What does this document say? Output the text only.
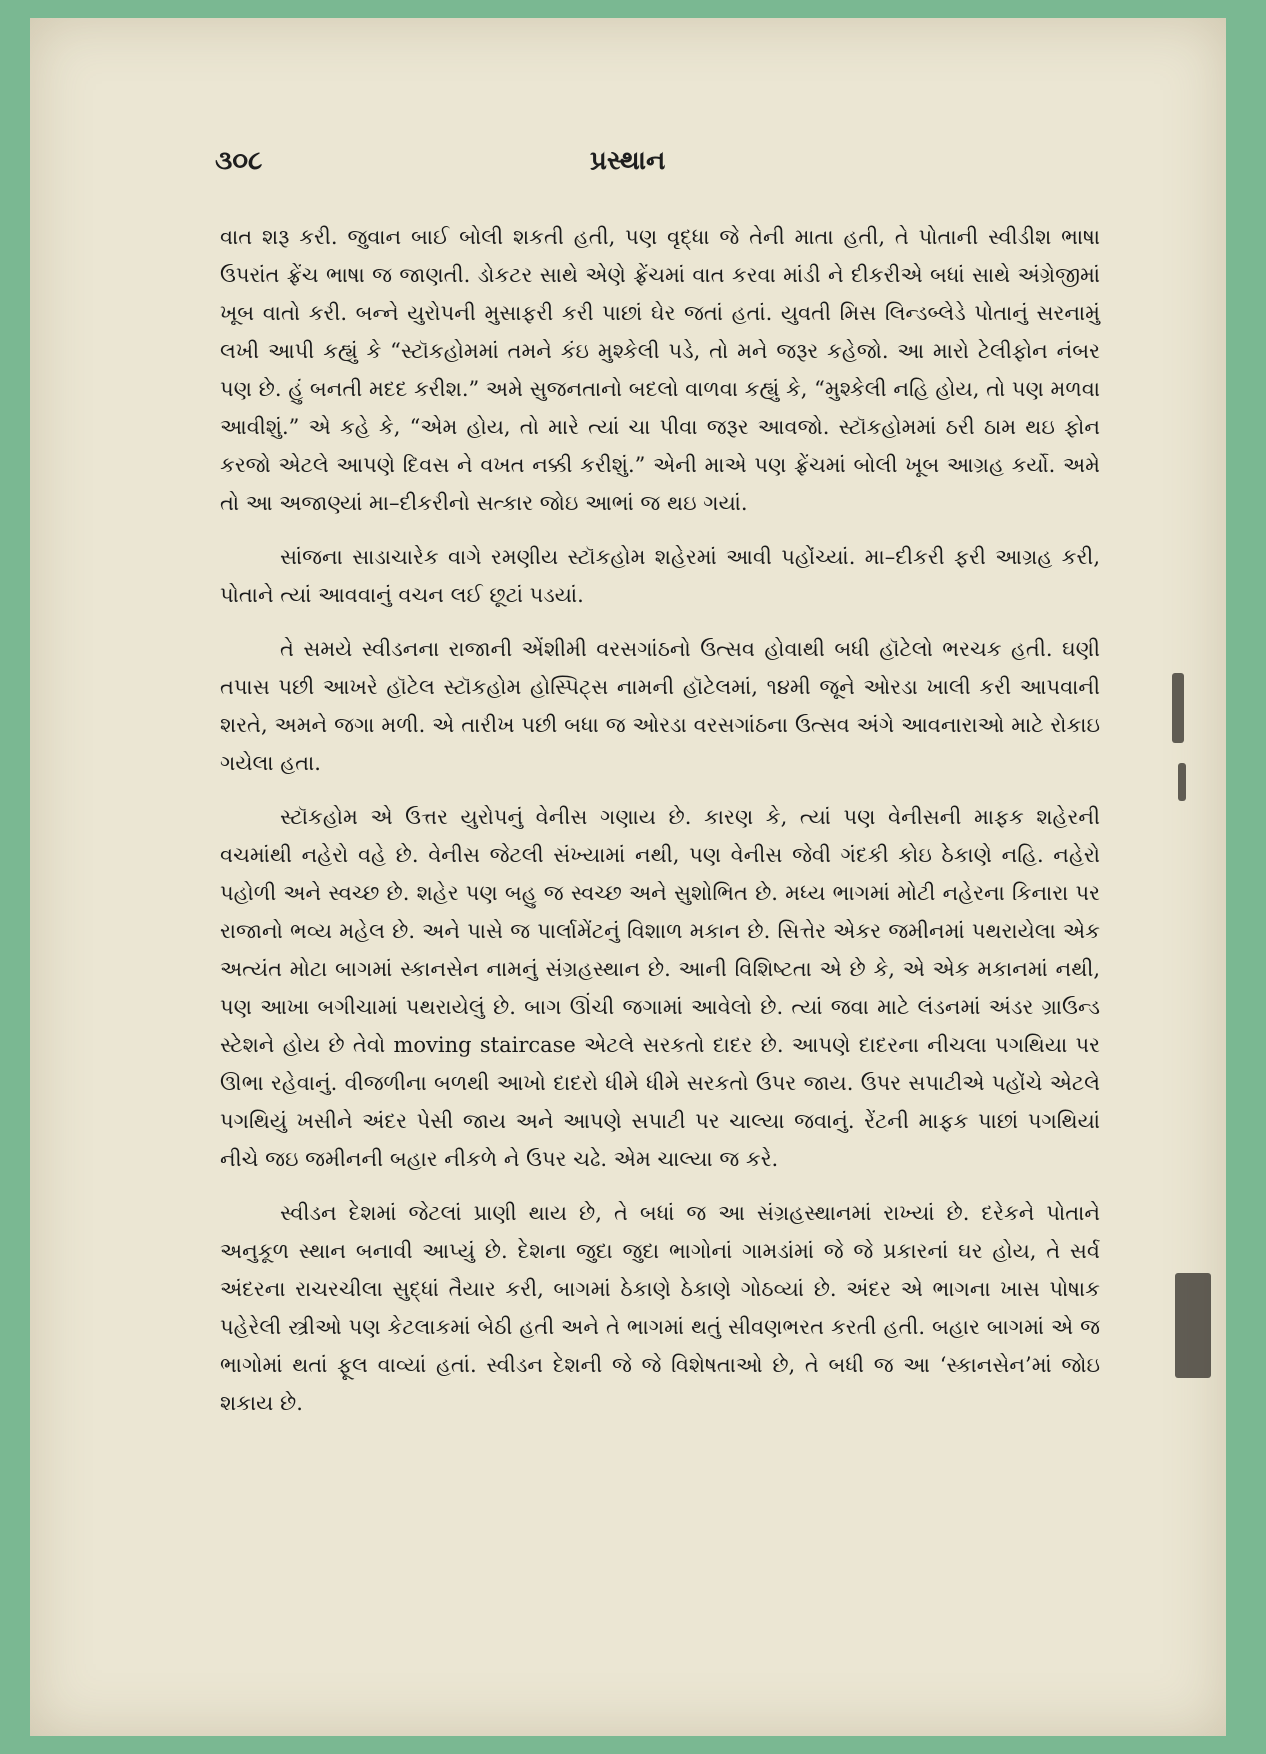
૩૦૮	પ્રસ્થાન

વાત શરૂ કરી. જુવાન બાઈ બોલી શકતી હતી, પણ વૃદ્ધા જે તેની માતા હતી, તે પોતાની સ્વીડીશ ભાષા ઉપરાંત ફ્રેંચ ભાષા જ જાણતી. ડોકટર સાથે એણે ફ્રેંચમાં વાત કરવા માંડી ને દીકરીએ બધાં સાથે અંગ્રેજીમાં ખૂબ વાતો કરી. બન્ને યુરોપની મુસાફરી કરી પાછાં ઘેર જતાં હતાં. યુવતી મિસ લિન્ડબ્લેડે પોતાનું સરનામું લખી આપી કહ્યું કે “સ્ટૉકહોમમાં તમને કંઇ મુશ્કેલી પડે, તો મને જરૂર કહેજો. આ મારો ટેલીફોન નંબર પણ છે. હું બનતી મદદ કરીશ.” અમે સુજનતાનો બદલો વાળવા કહ્યું કે, “મુશ્કેલી નહિ હોય, તો પણ મળવા આવીશું.” એ કહે કે, “એમ હોય, તો મારે ત્યાં ચા પીવા જરૂર આવજો. સ્ટૉકહોમમાં ઠરી ઠામ થઇ ફોન કરજો એટલે આપણે દિવસ ને વખત નક્કી કરીશું.” એની માએ પણ ફ્રેંચમાં બોલી ખૂબ આગ્રહ કર્યો. અમે તો આ અજાણ્યાં મા–દીકરીનો સત્કાર જોઇ આભાં જ થઇ ગયાં.

સાંજના સાડાચારેક વાગે રમણીય સ્ટૉકહોમ શહેરમાં આવી પહોંચ્યાં. મા–દીકરી ફરી આગ્રહ કરી, પોતાને ત્યાં આવવાનું વચન લઈ છૂટાં પડયાં.

તે સમયે સ્વીડનના રાજાની એંશીમી વરસગાંઠનો ઉત્સવ હોવાથી બધી હૉટેલો ભરચક હતી. ઘણી તપાસ પછી આખરે હૉટેલ સ્ટૉકહોમ હોસ્પિટ્સ નામની હૉટેલમાં, ૧૪મી જૂને ઓરડા ખાલી કરી આપવાની શરતે, અમને જગા મળી. એ તારીખ પછી બધા જ ઓરડા વરસગાંઠના ઉત્સવ અંગે આવનારાઓ માટે રોકાઇ ગયેલા હતા.

સ્ટૉકહોમ એ ઉત્તર યુરોપનું વેનીસ ગણાય છે. કારણ કે, ત્યાં પણ વેનીસની માફક શહેરની વચમાંથી નહેરો વહે છે. વેનીસ જેટલી સંખ્યામાં નથી, પણ વેનીસ જેવી ગંદકી કોઇ ઠેકાણે નહિ. નહેરો પહોળી અને સ્વચ્છ છે. શહેર પણ બહુ જ સ્વચ્છ અને સુશોભિત છે. મધ્ય ભાગમાં મોટી નહેરના કિનારા પર રાજાનો ભવ્ય મહેલ છે. અને પાસે જ પાર્લામેંટનું વિશાળ મકાન છે. સિત્તેર એકર જમીનમાં પથરાયેલા એક અત્યંત મોટા બાગમાં સ્કાનસેન નામનું સંગ્રહસ્થાન છે. આની વિશિષ્ટતા એ છે કે, એ એક મકાનમાં નથી, પણ આખા બગીચામાં પથરાયેલું છે. બાગ ઊંચી જગામાં આવેલો છે. ત્યાં જવા માટે લંડનમાં અંડર ગ્રાઉન્ડ સ્ટેશને હોય છે તેવો moving staircase એટલે સરકતો દાદર છે. આપણે દાદરના નીચલા પગથિયા પર ઊભા રહેવાનું. વીજળીના બળથી આખો દાદરો ધીમે ધીમે સરકતો ઉપર જાય. ઉપર સપાટીએ પહોંચે એટલે પગથિયું ખસીને અંદર પેસી જાય અને આપણે સપાટી પર ચાલ્યા જવાનું. રેંટની માફક પાછાં પગથિયાં નીચે જઇ જમીનની બહાર નીકળે ને ઉપર ચઢે. એમ ચાલ્યા જ કરે.

સ્વીડન દેશમાં જેટલાં પ્રાણી થાય છે, તે બધાં જ આ સંગ્રહસ્થાનમાં રાખ્યાં છે. દરેકને પોતાને અનુકૂળ સ્થાન બનાવી આપ્યું છે. દેશના જુદા જુદા ભાગોનાં ગામડાંમાં જે જે પ્રકારનાં ઘર હોય, તે સર્વ અંદરના રાચરચીલા સુદ્ધાં તૈયાર કરી, બાગમાં ઠેકાણે ઠેકાણે ગોઠવ્યાં છે. અંદર એ ભાગના ખાસ પોષાક પહેરેલી સ્ત્રીઓ પણ કેટલાકમાં બેઠી હતી અને તે ભાગમાં થતું સીવણભરત કરતી હતી. બહાર બાગમાં એ જ ભાગોમાં થતાં ફૂલ વાવ્યાં હતાં. સ્વીડન દેશની જે જે વિશેષતાઓ છે, તે બધી જ આ ‘સ્કાનસેન’માં જોઇ શકાય છે.
